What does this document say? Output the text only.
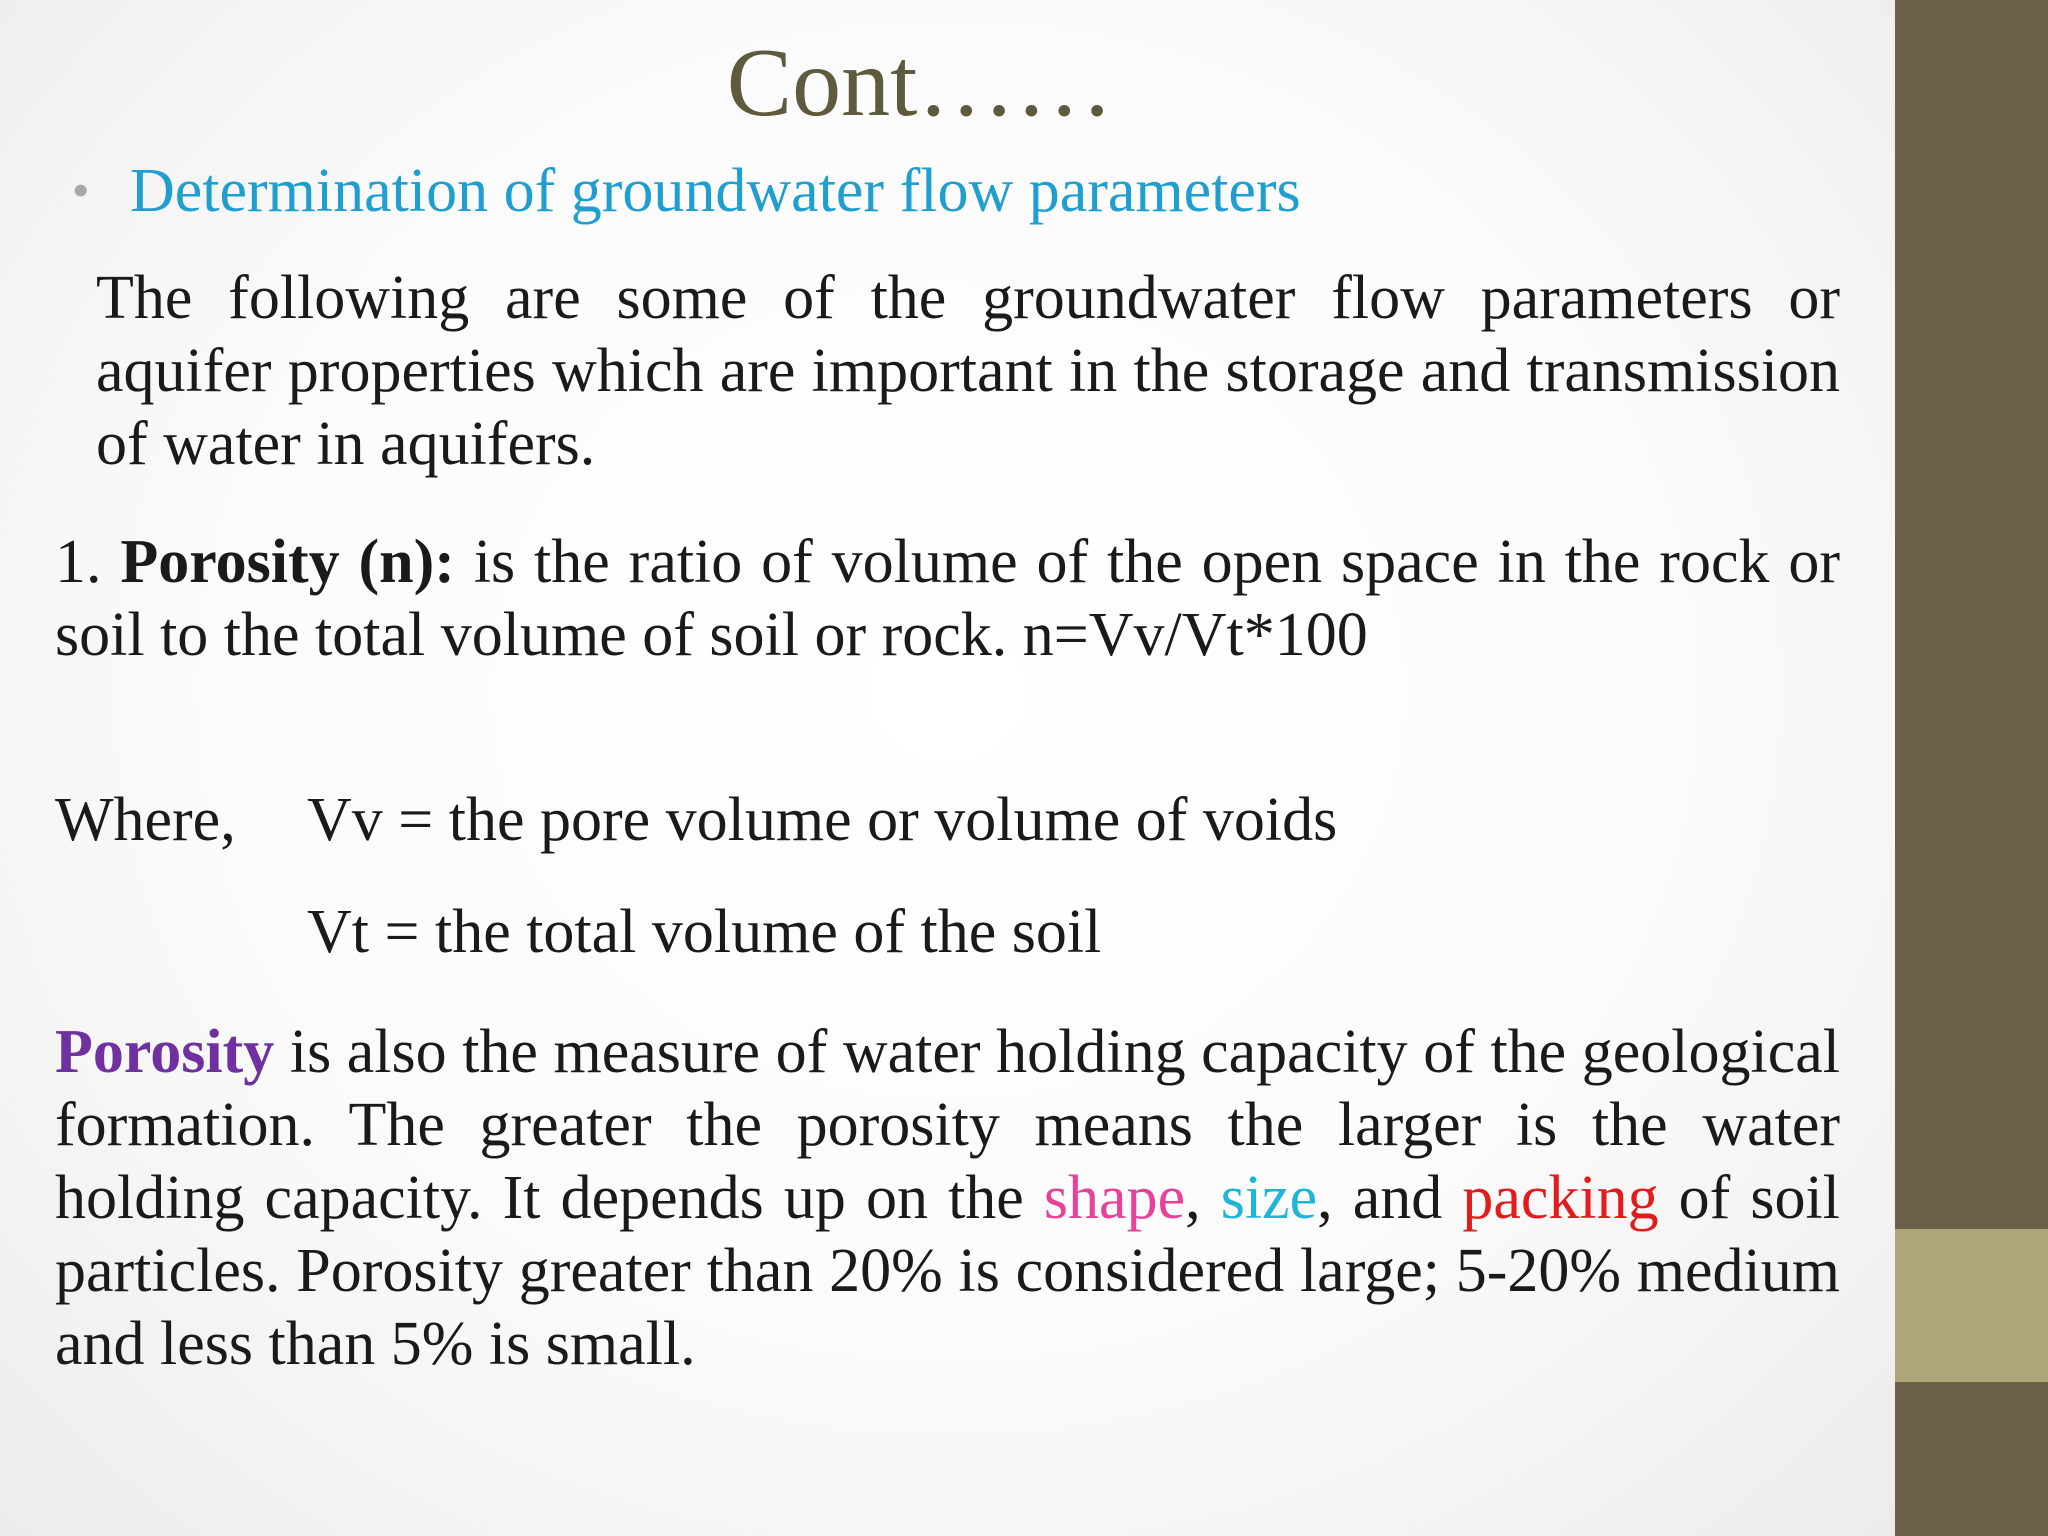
Cont……
• Determination of groundwater flow parameters

The following are some of the groundwater flow parameters or aquifer properties which are important in the storage and transmission of water in aquifers.

1. Porosity (n): is the ratio of volume of the open space in the rock or soil to the total volume of soil or rock. n=Vv/Vt*100

Where, Vv = the pore volume or volume of voids
Vt = the total volume of the soil

Porosity is also the measure of water holding capacity of the geological formation. The greater the porosity means the larger is the water holding capacity. It depends up on the shape, size, and packing of soil particles. Porosity greater than 20% is considered large; 5-20% medium and less than 5% is small.
